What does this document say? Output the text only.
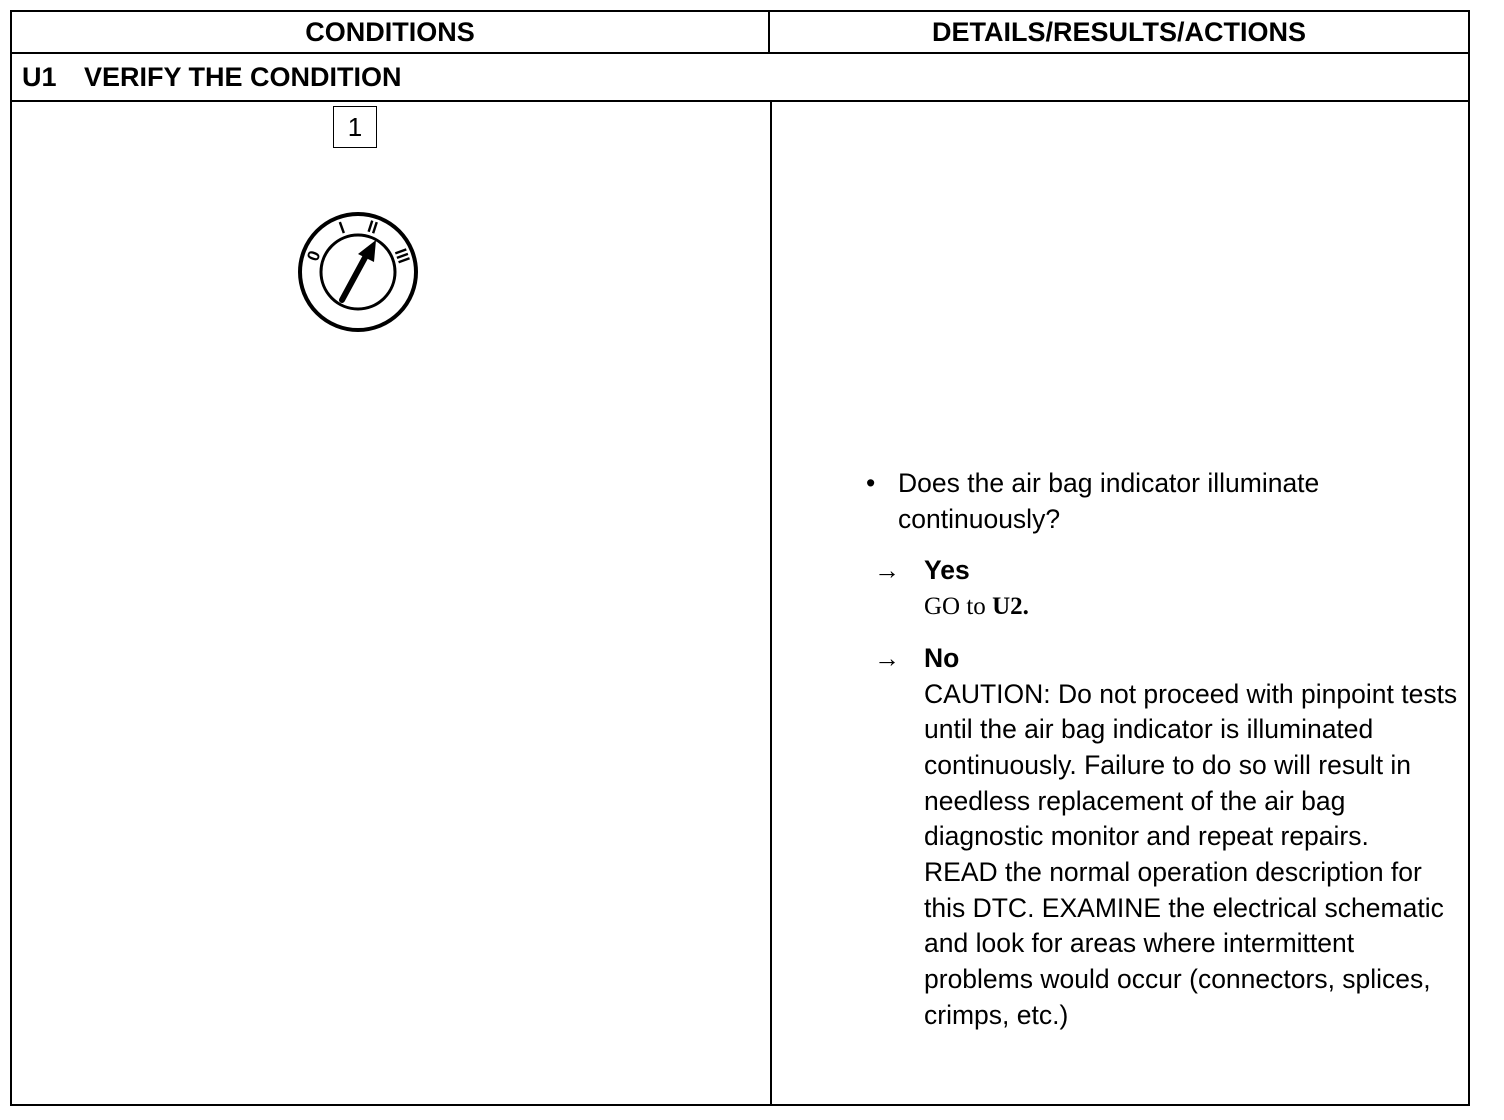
CONDITIONS	DETAILS/RESULTS/ACTIONS
U1	VERIFY THE CONDITION
1
0
I II
III
• Does the air bag indicator illuminate continuously?
→ Yes

GO to U2.

→ No

CAUTION: Do not proceed with pinpoint tests until the air bag indicator is illuminated continuously. Failure to do so will result in needless replacement of the air bag diagnostic monitor and repeat repairs.

READ the normal operation description for this DTC. EXAMINE the electrical schematic and look for areas where intermittent problems would occur (connectors, splices, crimps, etc.)
